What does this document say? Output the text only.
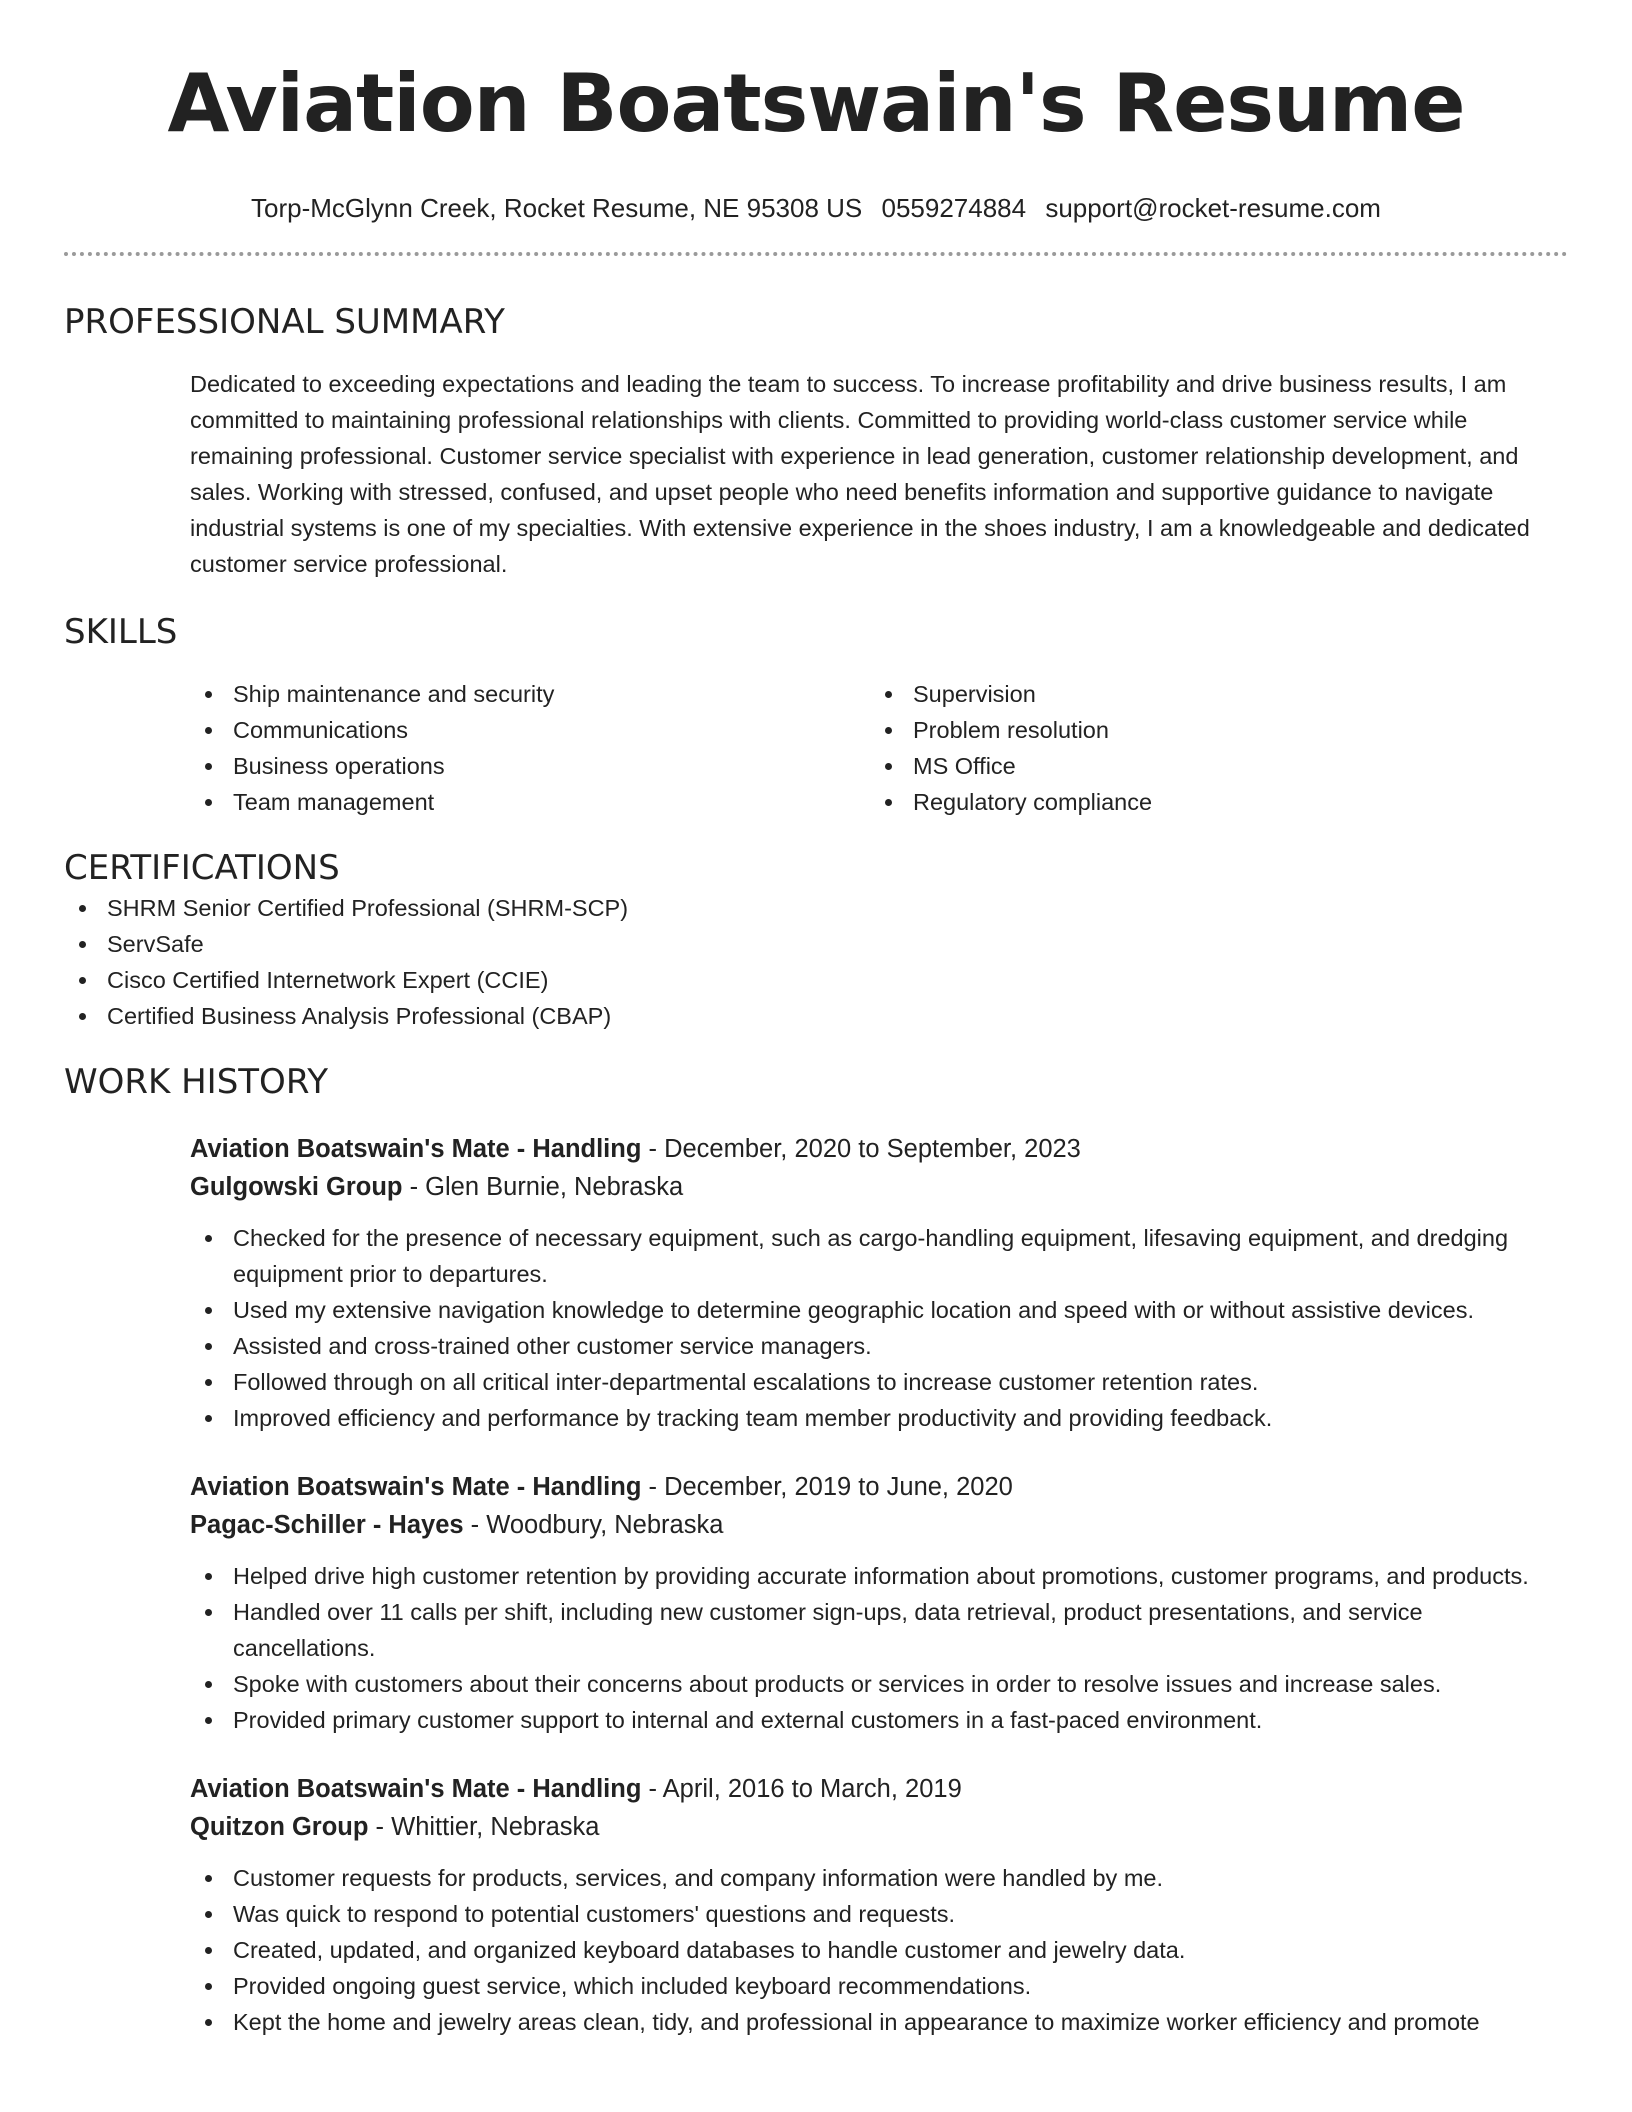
Aviation Boatswain's Resume
Torp-McGlynn Creek, Rocket Resume, NE 95308 US 0559274884 support@rocket-resume.com
PROFESSIONAL SUMMARY

Dedicated to exceeding expectations and leading the team to success. To increase profitability and drive business results, I am committed to maintaining professional relationships with clients. Committed to providing world-class customer service while remaining professional. Customer service specialist with experience in lead generation, customer relationship development, and sales. Working with stressed, confused, and upset people who need benefits information and supportive guidance to navigate industrial systems is one of my specialties. With extensive experience in the shoes industry, I am a knowledgeable and dedicated customer service professional.

SKILLS
Ship maintenance and security
Communications
Business operations
Team management
Supervision
Problem resolution
MS Office
Regulatory compliance
CERTIFICATIONS
SHRM Senior Certified Professional (SHRM-SCP)
ServSafe
Cisco Certified Internetwork Expert (CCIE)
Certified Business Analysis Professional (CBAP)
WORK HISTORY
Aviation Boatswain's Mate - Handling - December, 2020 to September, 2023
Gulgowski Group - Glen Burnie, Nebraska
Checked for the presence of necessary equipment, such as cargo-handling equipment, lifesaving equipment, and dredging equipment prior to departures.
Used my extensive navigation knowledge to determine geographic location and speed with or without assistive devices.
Assisted and cross-trained other customer service managers.
Followed through on all critical inter-departmental escalations to increase customer retention rates.
Improved efficiency and performance by tracking team member productivity and providing feedback.
Aviation Boatswain's Mate - Handling - December, 2019 to June, 2020
Pagac-Schiller - Hayes - Woodbury, Nebraska
Helped drive high customer retention by providing accurate information about promotions, customer programs, and products.
Handled over 11 calls per shift, including new customer sign-ups, data retrieval, product presentations, and service cancellations.
Spoke with customers about their concerns about products or services in order to resolve issues and increase sales.
Provided primary customer support to internal and external customers in a fast-paced environment.
Aviation Boatswain's Mate - Handling - April, 2016 to March, 2019
Quitzon Group - Whittier, Nebraska
Customer requests for products, services, and company information were handled by me.
Was quick to respond to potential customers' questions and requests.
Created, updated, and organized keyboard databases to handle customer and jewelry data.
Provided ongoing guest service, which included keyboard recommendations.
Kept the home and jewelry areas clean, tidy, and professional in appearance to maximize worker efficiency and promote
